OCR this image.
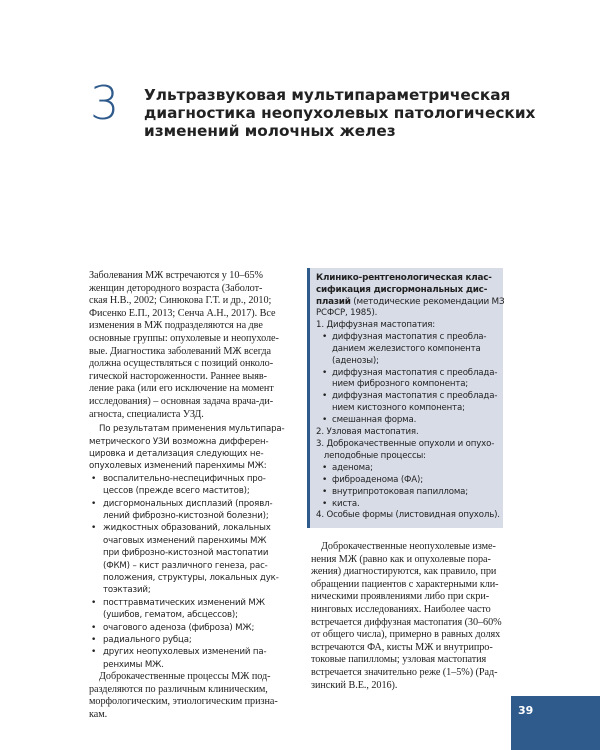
3 Ультразвуковая мультипараметрическая
диагностика неопухолевых патологических
изменений молочных желез
Заболевания МЖ встречаются у 10–65%
женщин детородного возраста (Заболот-
ская Н.В., 2002; Синюкова Г.Т. и др., 2010;
Фисенко Е.П., 2013; Сенча А.Н., 2017). Все
изменения в МЖ подразделяются на две
основные группы: опухолевые и неопухоле-
вые. Диагностика заболеваний МЖ всегда
должна осуществляться с позиций онколо-
гической настороженности. Раннее выяв-
ление рака (или его исключение на момент
исследования) – основная задача врача-ди-
агноста, специалиста УЗД.
По результатам применения мультипара-
метрического УЗИ возможна дифферен-
цировка и детализация следующих не-
опухолевых изменений паренхимы МЖ:
• воспалительно-неспецифичных про-
цессов (прежде всего маститов);
• дисгормональных дисплазий (проявл-
лений фиброзно-кистозной болезни);
• жидкостных образований, локальных
очаговых изменений паренхимы МЖ
при фиброзно-кистозной мастопатии
(ФКМ) – кист различного генеза, рас-
положения, структуры, локальных дук-
тоэктазий;
• посттравматических изменений МЖ
(ушибов, гематом, абсцессов);
• очагового аденоза (фиброза) МЖ;
• радиального рубца;
• других неопухолевых изменений па-
ренхимы МЖ.
Доброкачественные процессы МЖ под-
разделяются по различным клиническим,
морфологическим, этиологическим призна-
кам.
Клинико-рентгенологическая клас-
сификация дисгормональных дис-
плазий (методические рекомендации МЗ
РСФСР, 1985).
1. Диффузная мастопатия:
• диффузная мастопатия с преобла-
данием железистого компонента
(аденозы);
• диффузная мастопатия с преоблада-
нием фиброзного компонента;
• диффузная мастопатия с преоблада-
нием кистозного компонента;
• смешанная форма.
2. Узловая мастопатия.
3. Доброкачественные опухоли и опухо-
леподобные процессы:
• аденома;
• фиброаденома (ФА);
• внутрипротоковая папиллома;
• киста.
4. Особые формы (листовидная опухоль).
Доброкачественные неопухолевые изме-
нения МЖ (равно как и опухолевые пора-
жения) диагностируются, как правило, при
обращении пациентов с характерными кли-
ническими проявлениями либо при скри-
нинговых исследованиях. Наиболее часто
встречается диффузная мастопатия (30–60%
от общего числа), примерно в равных долях
встречаются ФА, кисты МЖ и внутрипро-
токовые папилломы; узловая мастопатия
встречается значительно реже (1–5%) (Рад-
зинский В.Е., 2016).
39
